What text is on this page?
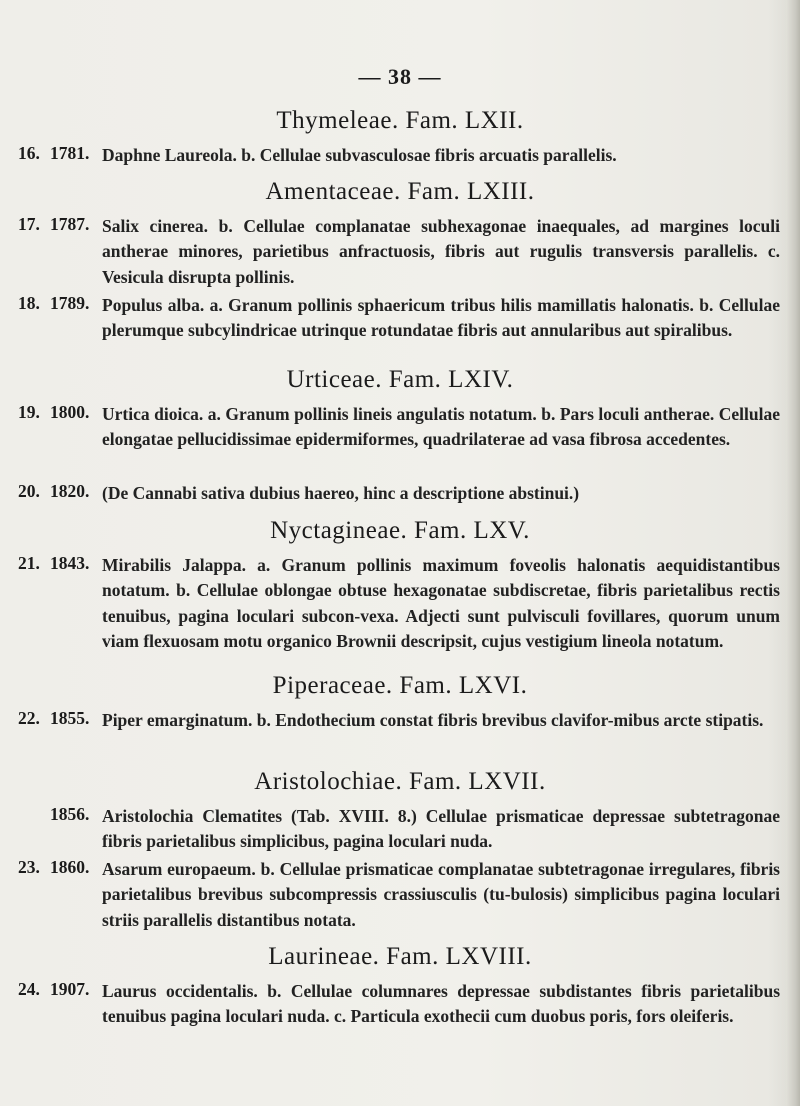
— 38 —
Thymeleae. Fam. LXII.
16. 1781. Daphne Laureola. b. Cellulae subvasculosae fibris arcuatis parallelis.
Amentaceae. Fam. LXIII.
17. 1787. Salix cinerea. b. Cellulae complanatae subhexagonae inaequales, ad margines loculi antherae minores, parietibus anfractuosis, fibris aut rugulis transversis parallelis. c. Vesicula disrupta pollinis.
18. 1789. Populus alba. a. Granum pollinis sphaericum tribus hilis mamillatis halonatis. b. Cellulae plerumque subcylindricae utrinque rotundatae fibris aut annularibus aut spiralibus.
Urticeae. Fam. LXIV.
19. 1800. Urtica dioica. a. Granum pollinis lineis angulatis notatum. b. Pars loculi antherae. Cellulae elongatae pellucidissimae epidermiformes, quadrilaterae ad vasa fibrosa accedentes.
20. 1820. (De Cannabi sativa dubius haereo, hinc a descriptione abstinui.)
Nyctagineae. Fam. LXV.
21. 1843. Mirabilis Jalappa. a. Granum pollinis maximum foveolis halonatis aequidistantibus notatum. b. Cellulae oblongae obtuse hexagonatae subdiscretae, fibris parietalibus rectis tenuibus, pagina loculari subcon-vexa. Adjecti sunt pulvisculi fovillares, quorum unum viam flexuosam motu organico Brownii descripsit, cujus vestigium lineola notatum.
Piperaceae. Fam. LXVI.
22. 1855. Piper emarginatum. b. Endothecium constat fibris brevibus clavifor-mibus arcte stipatis.
Aristolochiae. Fam. LXVII.
1856. Aristolochia Clematites (Tab. XVIII. 8.) Cellulae prismaticae depressae subtetragonae fibris parietalibus simplicibus, pagina loculari nuda.
23. 1860. Asarum europaeum. b. Cellulae prismaticae complanatae subtetragonae irregulares, fibris parietalibus brevibus subcompressis crassiusculis (tu-bulosis) simplicibus pagina loculari striis parallelis distantibus notata.
Laurineae. Fam. LXVIII.
24. 1907. Laurus occidentalis. b. Cellulae columnares depressae subdistantes fibris parietalibus tenuibus pagina loculari nuda. c. Particula exothecii cum duobus poris, fors oleiferis.
